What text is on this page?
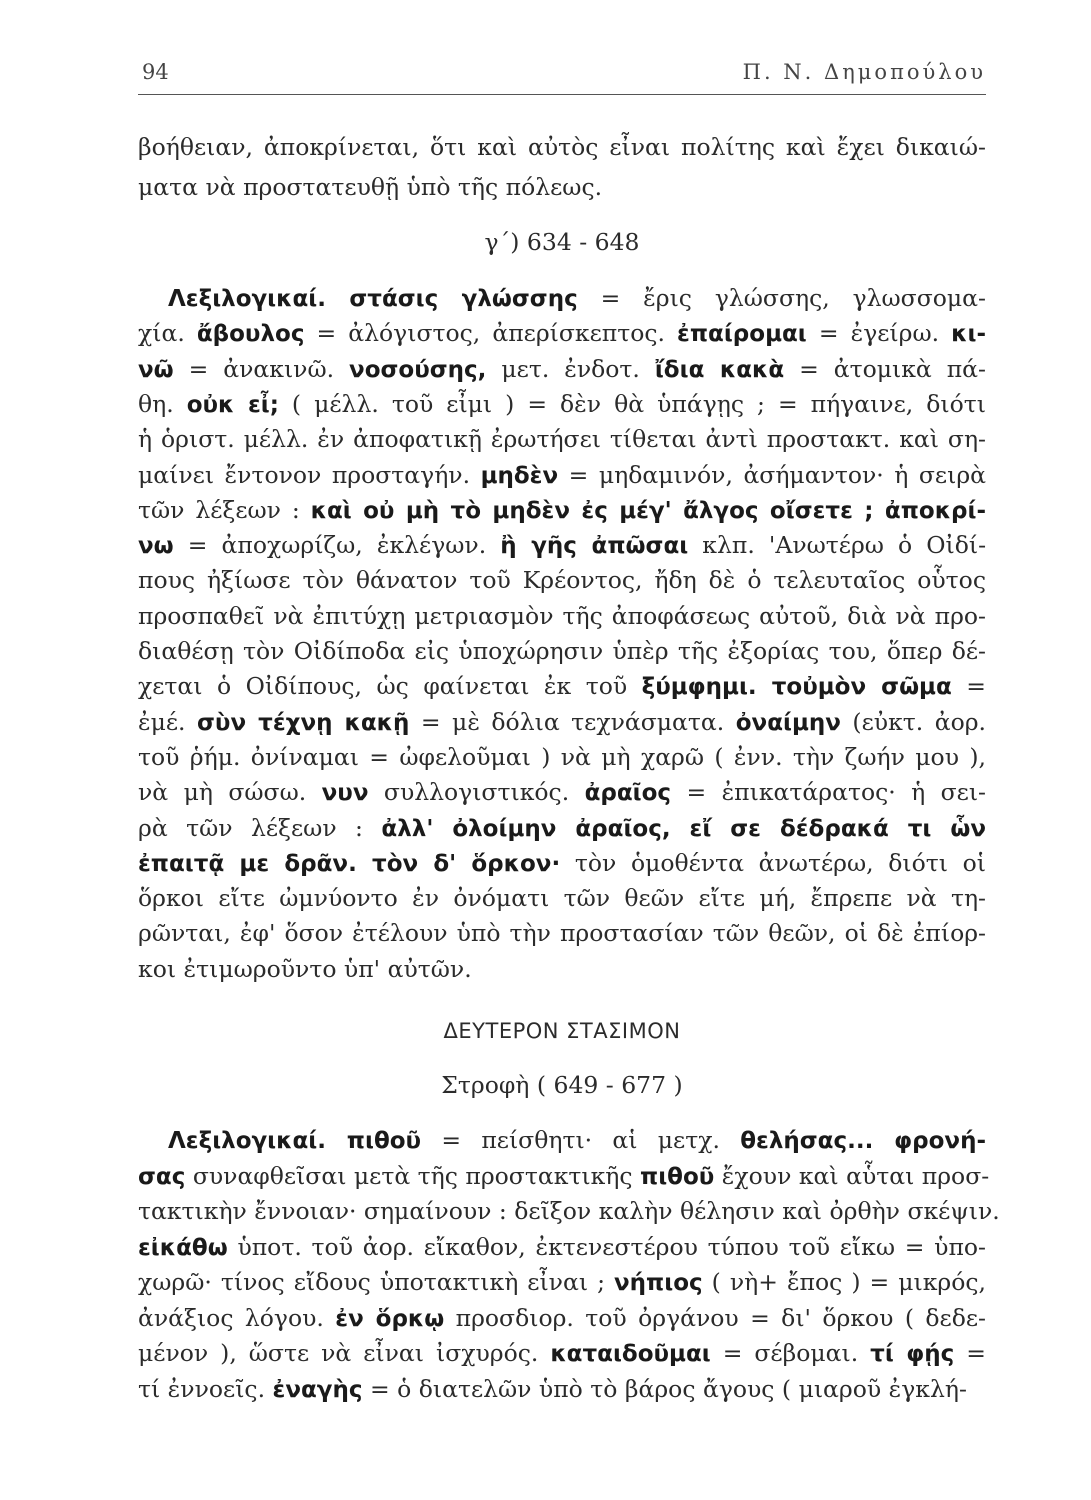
94	Π. Ν. Δημοπούλου
βοήθειαν, ἀποκρίνεται, ὅτι καὶ αὐτὸς εἶναι πολίτης καὶ ἔχει δικαιώ-
ματα νὰ προστατευθῇ ὑπὸ τῆς πόλεως.
γ΄) 634 - 648
Λεξιλογικαί. στάσις γλώσσης = ἔρις γλώσσης, γλωσσομα-
χία. ἄβουλος = ἀλόγιστος, ἀπερίσκεπτος. ἐπαίρομαι = ἐγείρω. κι-
νῶ = ἀνακινῶ. νοσούσης, μετ. ἐνδοτ. ἴδια κακὰ = ἀτομικὰ πά-
θη. οὐκ εἶ; ( μέλλ. τοῦ εἶμι ) = δὲν θὰ ὑπάγῃς ; = πήγαινε, διότι
ἡ ὁριστ. μέλλ. ἐν ἀποφατικῇ ἐρωτήσει τίθεται ἀντὶ προστακτ. καὶ ση-
μαίνει ἔντονον προσταγήν. μηδὲν = μηδαμινόν, ἀσήμαντον· ἡ σειρὰ
τῶν λέξεων : καὶ οὐ μὴ τὸ μηδὲν ἐς μέγ' ἄλγος οἴσετε ; ἀποκρί-
νω = ἀποχωρίζω, ἐκλέγων. ἢ γῆς ἀπῶσαι κλπ. 'Ανωτέρω ὁ Οἰδί-
πους ἠξίωσε τὸν θάνατον τοῦ Κρέοντος, ἤδη δὲ ὁ τελευταῖος οὗτος
προσπαθεῖ νὰ ἐπιτύχῃ μετριασμὸν τῆς ἀποφάσεως αὐτοῦ, διὰ νὰ προ-
διαθέσῃ τὸν Οἰδίποδα εἰς ὑποχώρησιν ὑπὲρ τῆς ἐξορίας του, ὅπερ δέ-
χεται ὁ Οἰδίπους, ὡς φαίνεται ἐκ τοῦ ξύμφημι. τοὐμὸν σῶμα =
ἐμέ. σὺν τέχνῃ κακῇ = μὲ δόλια τεχνάσματα. ὀναίμην (εὐκτ. ἀορ.
τοῦ ῥήμ. ὀνίναμαι = ὠφελοῦμαι ) νὰ μὴ χαρῶ ( ἐνν. τὴν ζωήν μου ),
νὰ μὴ σώσω. νυν συλλογιστικός. ἀραῖος = ἐπικατάρατος· ἡ σει-
ρὰ τῶν λέξεων : ἀλλ' ὀλοίμην ἀραῖος, εἴ σε δέδρακά τι ὧν
ἐπαιτᾷ με δρᾶν. τὸν δ' ὅρκον· τὸν ὁμοθέντα ἀνωτέρω, διότι οἱ
ὅρκοι εἴτε ὠμνύοντο ἐν ὀνόματι τῶν θεῶν εἴτε μή, ἔπρεπε νὰ τη-
ρῶνται, ἐφ' ὅσον ἐτέλουν ὑπὸ τὴν προστασίαν τῶν θεῶν, οἱ δὲ ἐπίορ-
κοι ἐτιμωροῦντο ὑπ' αὐτῶν.
ΔΕΥΤΕΡΟΝ ΣΤΑΣΙΜΟΝ
Στροφὴ ( 649 - 677 )
Λεξιλογικαί. πιθοῦ = πείσθητι· αἱ μετχ. θελήσας... φρονή-
σας συναφθεῖσαι μετὰ τῆς προστακτικῆς πιθοῦ ἔχουν καὶ αὗται προσ-
τακτικὴν ἔννοιαν· σημαίνουν : δεῖξον καλὴν θέλησιν καὶ ὀρθὴν σκέψιν.
εἰκάθω ὑποτ. τοῦ ἀορ. εἴκαθον, ἐκτενεστέρου τύπου τοῦ εἴκω = ὑπο-
χωρῶ· τίνος εἴδους ὑποτακτικὴ εἶναι ; νήπιος ( νὴ+ ἔπος ) = μικρός,
ἀνάξιος λόγου. ἐν ὅρκῳ προσδιορ. τοῦ ὀργάνου = δι' ὅρκου ( δεδε-
μένον ), ὥστε νὰ εἶναι ἰσχυρός. καταιδοῦμαι = σέβομαι. τί φῄς =
τί ἐννοεῖς. ἐναγὴς = ὁ διατελῶν ὑπὸ τὸ βάρος ἄγους ( μιαροῦ ἐγκλή-
